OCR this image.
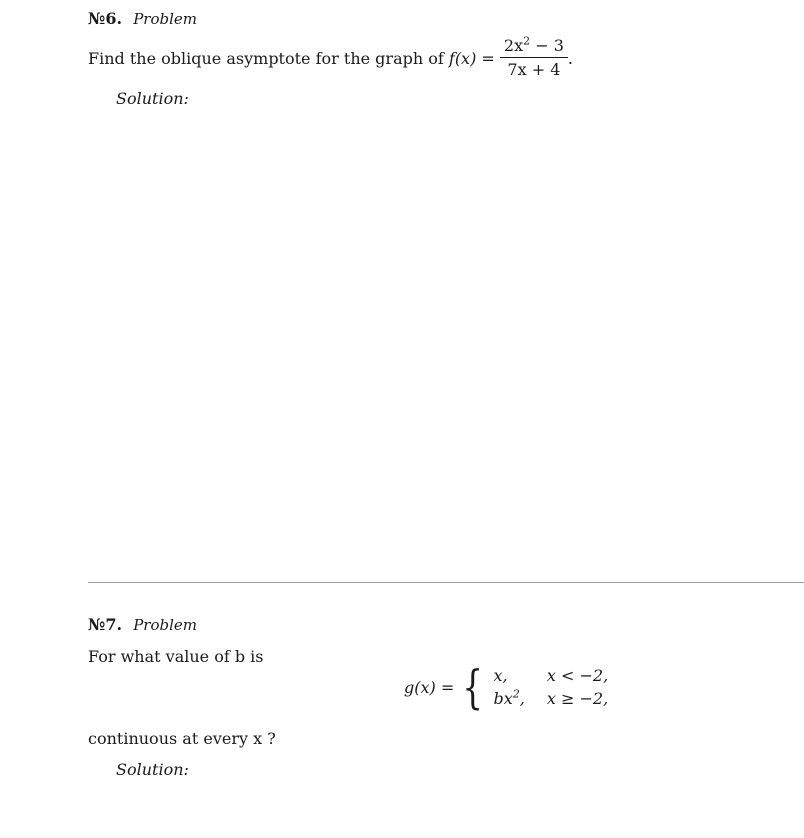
№6. Problem
Find the oblique asymptote for the graph of $f(x) = \frac{2x^2 - 3}{7x + 4}$ .
Solution:
№7. Problem
For what value of b is
g(x) = { x,	x < −2,
$bx^2$, x ≥ −2,
continuous at every x ?
Solution:
